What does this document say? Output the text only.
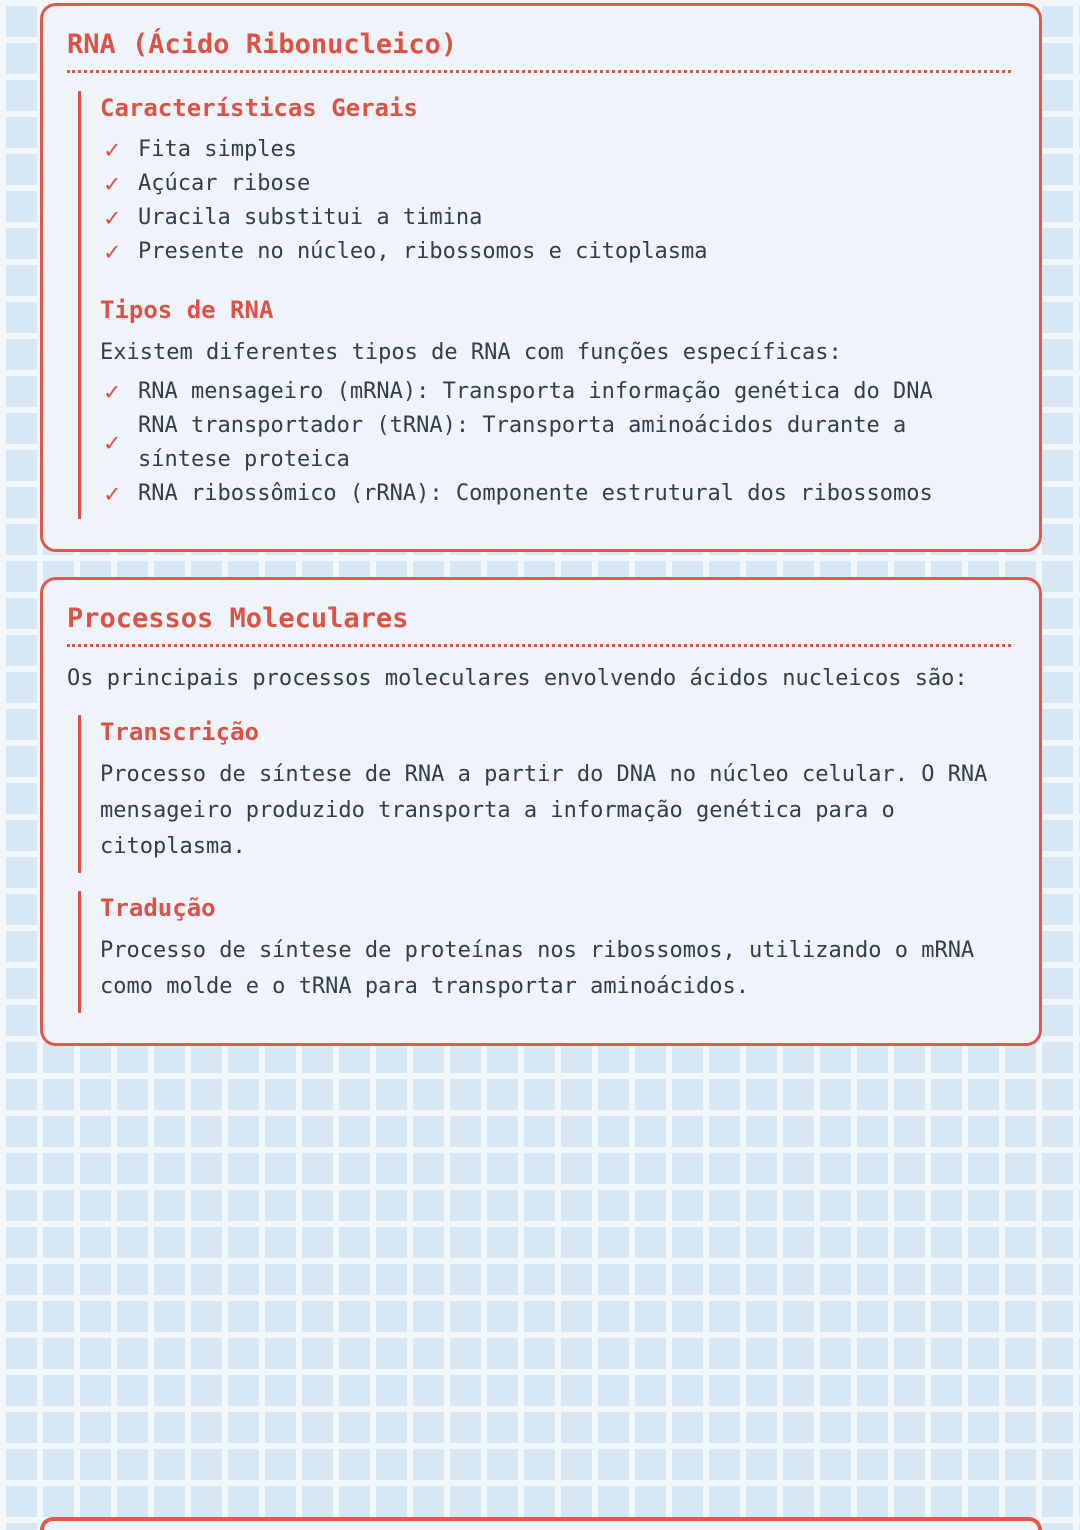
RNA (Ácido Ribonucleico)
Características Gerais
✓ Fita simples
✓ Açúcar ribose
✓ Uracila substitui a timina
✓ Presente no núcleo, ribossomos e citoplasma
Tipos de RNA

Existem diferentes tipos de RNA com funções específicas:

✓ RNA mensageiro (mRNA): Transporta informação genética do DNA
✓
RNA transportador (tRNA): Transporta aminoácidos durante a síntese proteica
✓ RNA ribossômico (rRNA): Componente estrutural dos ribossomos
Processos Moleculares

Os principais processos moleculares envolvendo ácidos nucleicos são:

Transcrição

Processo de síntese de RNA a partir do DNA no núcleo celular. O RNA mensageiro produzido transporta a informação genética para o citoplasma.

Tradução

Processo de síntese de proteínas nos ribossomos, utilizando o mRNA como molde e o tRNA para transportar aminoácidos.
